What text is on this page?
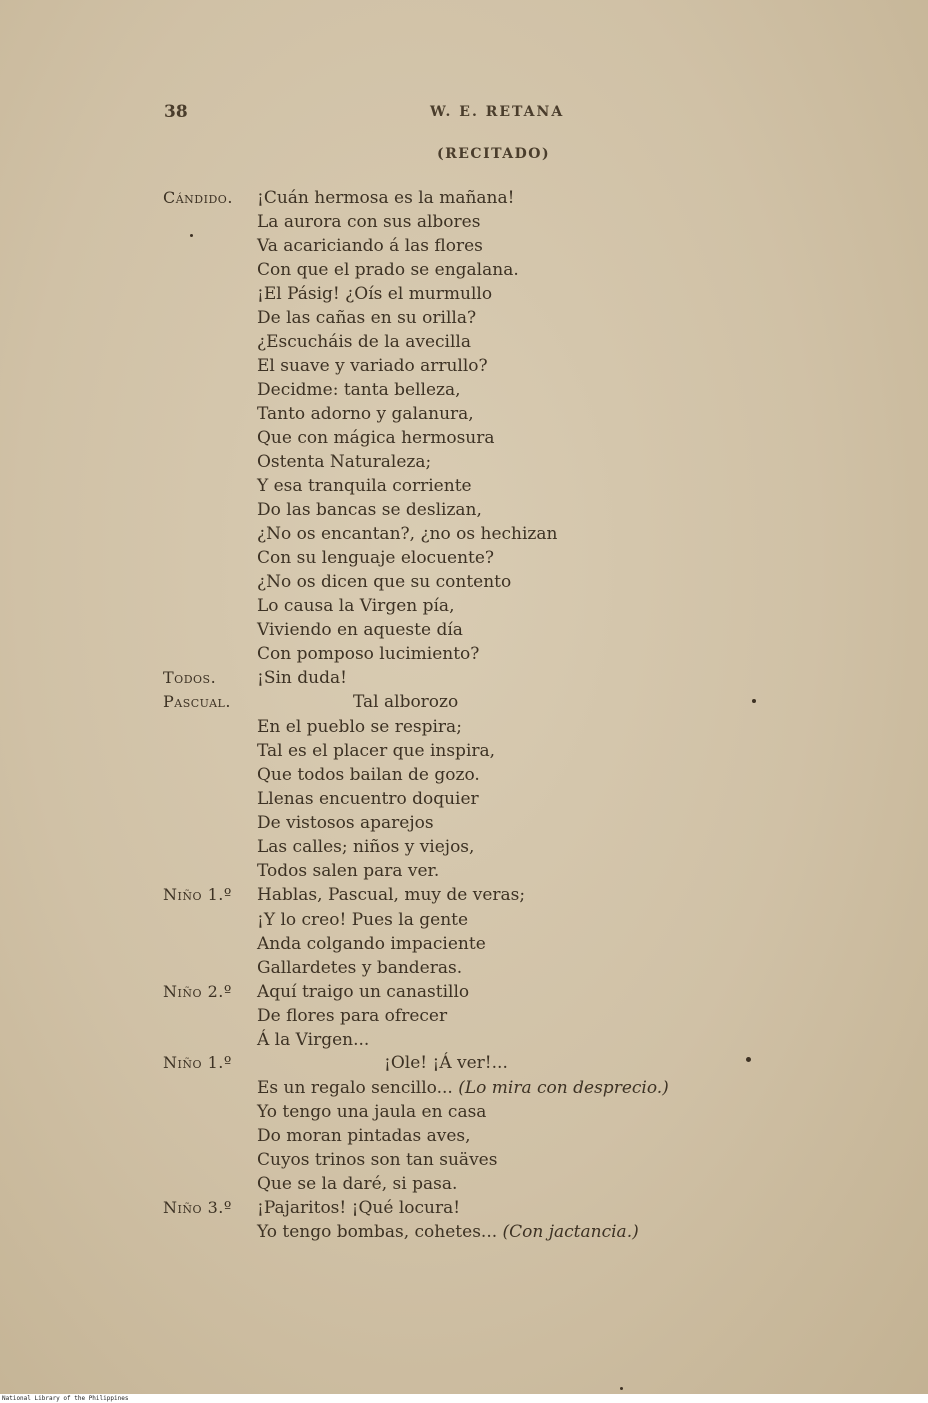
38	W. E. RETANA
(RECITADO)
Cándido.
Todos.
Pascual.
Niño 1.º
Niño 2.º
Niño 1.º
Niño 3.º
¡Cuán hermosa es la mañana!
La aurora con sus albores
Va acariciando á las flores
Con que el prado se engalana.
¡El Pásig! ¿Oís el murmullo
De las cañas en su orilla?
¿Escucháis de la avecilla
El suave y variado arrullo?
Decidme: tanta belleza,
Tanto adorno y galanura,
Que con mágica hermosura
Ostenta Naturaleza;
Y esa tranquila corriente
Do las bancas se deslizan,
¿No os encantan?, ¿no os hechizan
Con su lenguaje elocuente?
¿No os dicen que su contento
Lo causa la Virgen pía,
Viviendo en aqueste día
Con pomposo lucimiento?
¡Sin duda!
Tal alborozo
En el pueblo se respira;
Tal es el placer que inspira,
Que todos bailan de gozo.
Llenas encuentro doquier
De vistosos aparejos
Las calles; niños y viejos,
Todos salen para ver.
Hablas, Pascual, muy de veras;
¡Y lo creo! Pues la gente
Anda colgando impaciente
Gallardetes y banderas.
Aquí traigo un canastillo
De flores para ofrecer
Á la Virgen...
¡Ole! ¡Á ver!...
Es un regalo sencillo... (Lo mira con desprecio.)
Yo tengo una jaula en casa
Do moran pintadas aves,
Cuyos trinos son tan suäves
Que se la daré, si pasa.
¡Pajaritos! ¡Qué locura!
Yo tengo bombas, cohetes... (Con jactancia.)
National Library of the Philippines
